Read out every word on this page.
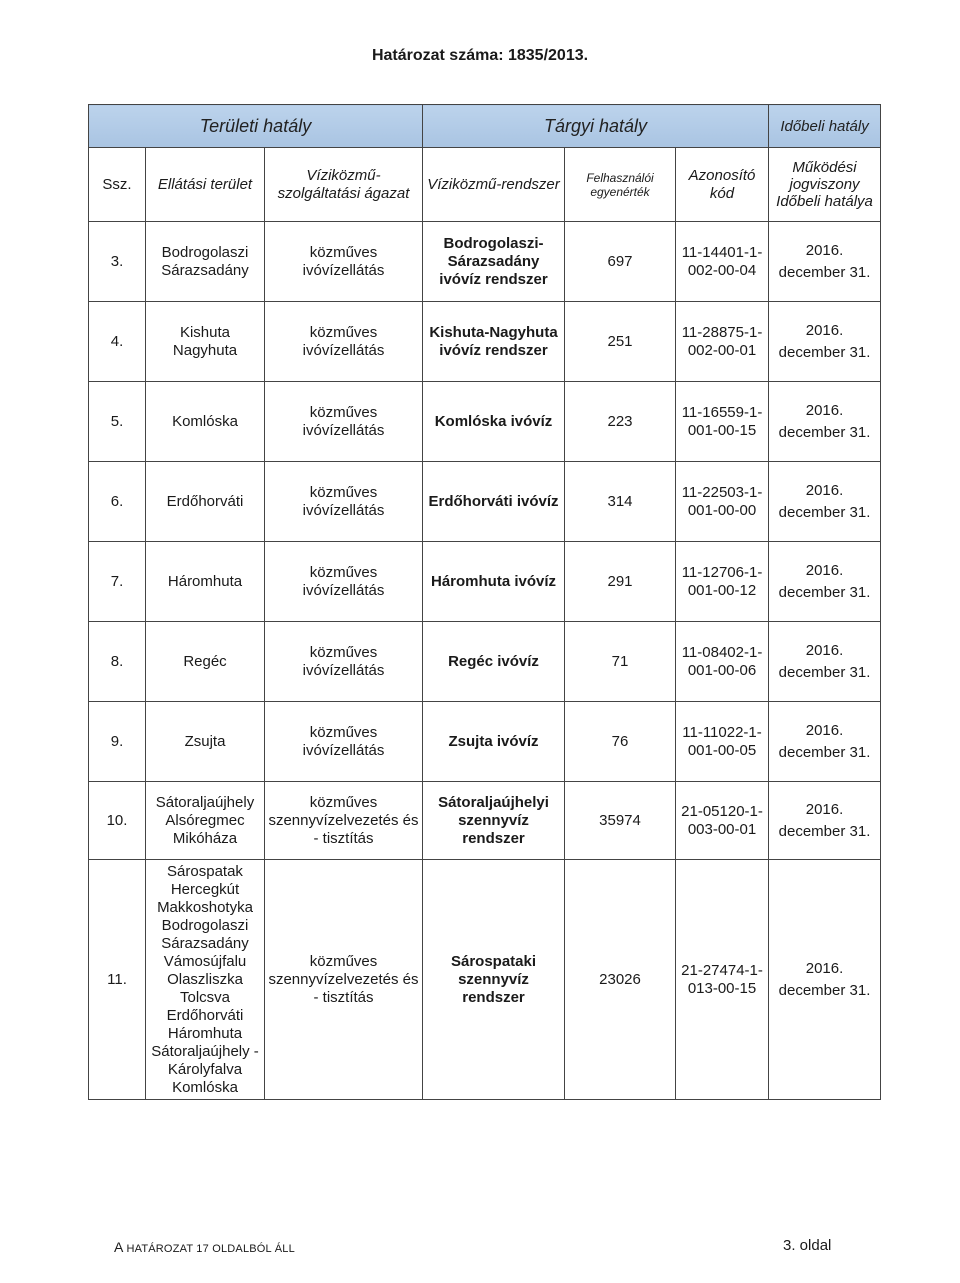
Határozat száma: 1835/2013.
Területi hatály			Tárgyi hatály			Időbeli hatály
Ssz.	Ellátási terület	Víziközmű-szolgáltatási ágazat	Víziközmű-rendszer	Felhasználói egyenérték	Azonosító kód	Működési jogviszony Időbeli hatálya
3.	Bodrogolaszi Sárazsadány	közműves ivóvízellátás	Bodrogolaszi-Sárazsadány ivóvíz rendszer	697	11-14401-1-002-00-04	2016. december 31.
4.	Kishuta Nagyhuta	közműves ivóvízellátás	Kishuta-Nagyhuta ivóvíz rendszer	251	11-28875-1-002-00-01	2016. december 31.
5.	Komlóska	közműves ivóvízellátás	Komlóska ivóvíz	223	11-16559-1-001-00-15	2016. december 31.
6.	Erdőhorváti	közműves ivóvízellátás	Erdőhorváti ivóvíz	314	11-22503-1-001-00-00	2016. december 31.
7.	Háromhuta	közműves ivóvízellátás	Háromhuta ivóvíz	291	11-12706-1-001-00-12	2016. december 31.
8.	Regéc	közműves ivóvízellátás	Regéc ivóvíz	71	11-08402-1-001-00-06	2016. december 31.
9.	Zsujta	közműves ivóvízellátás	Zsujta ivóvíz	76	11-11022-1-001-00-05	2016. december 31.
10.	Sátoraljaújhely Alsóregmec Mikóháza	közműves szennyvízelvezetés és - tisztítás	Sátoraljaújhelyi szennyvíz rendszer	35974	21-05120-1-003-00-01	2016. december 31.
11.	Sárospatak Hercegkút Makkoshotyka Bodrogolaszi Sárazsadány Vámosújfalu Olaszliszka Tolcsva Erdőhorváti Háromhuta Sátoraljaújhely -Károlyfalva Komlóska	közműves szennyvízelvezetés és - tisztítás	Sárospataki szennyvíz rendszer	23026	21-27474-1-013-00-15	2016. december 31.
A HATÁROZAT 17 OLDALBÓL ÁLL	3. oldal
